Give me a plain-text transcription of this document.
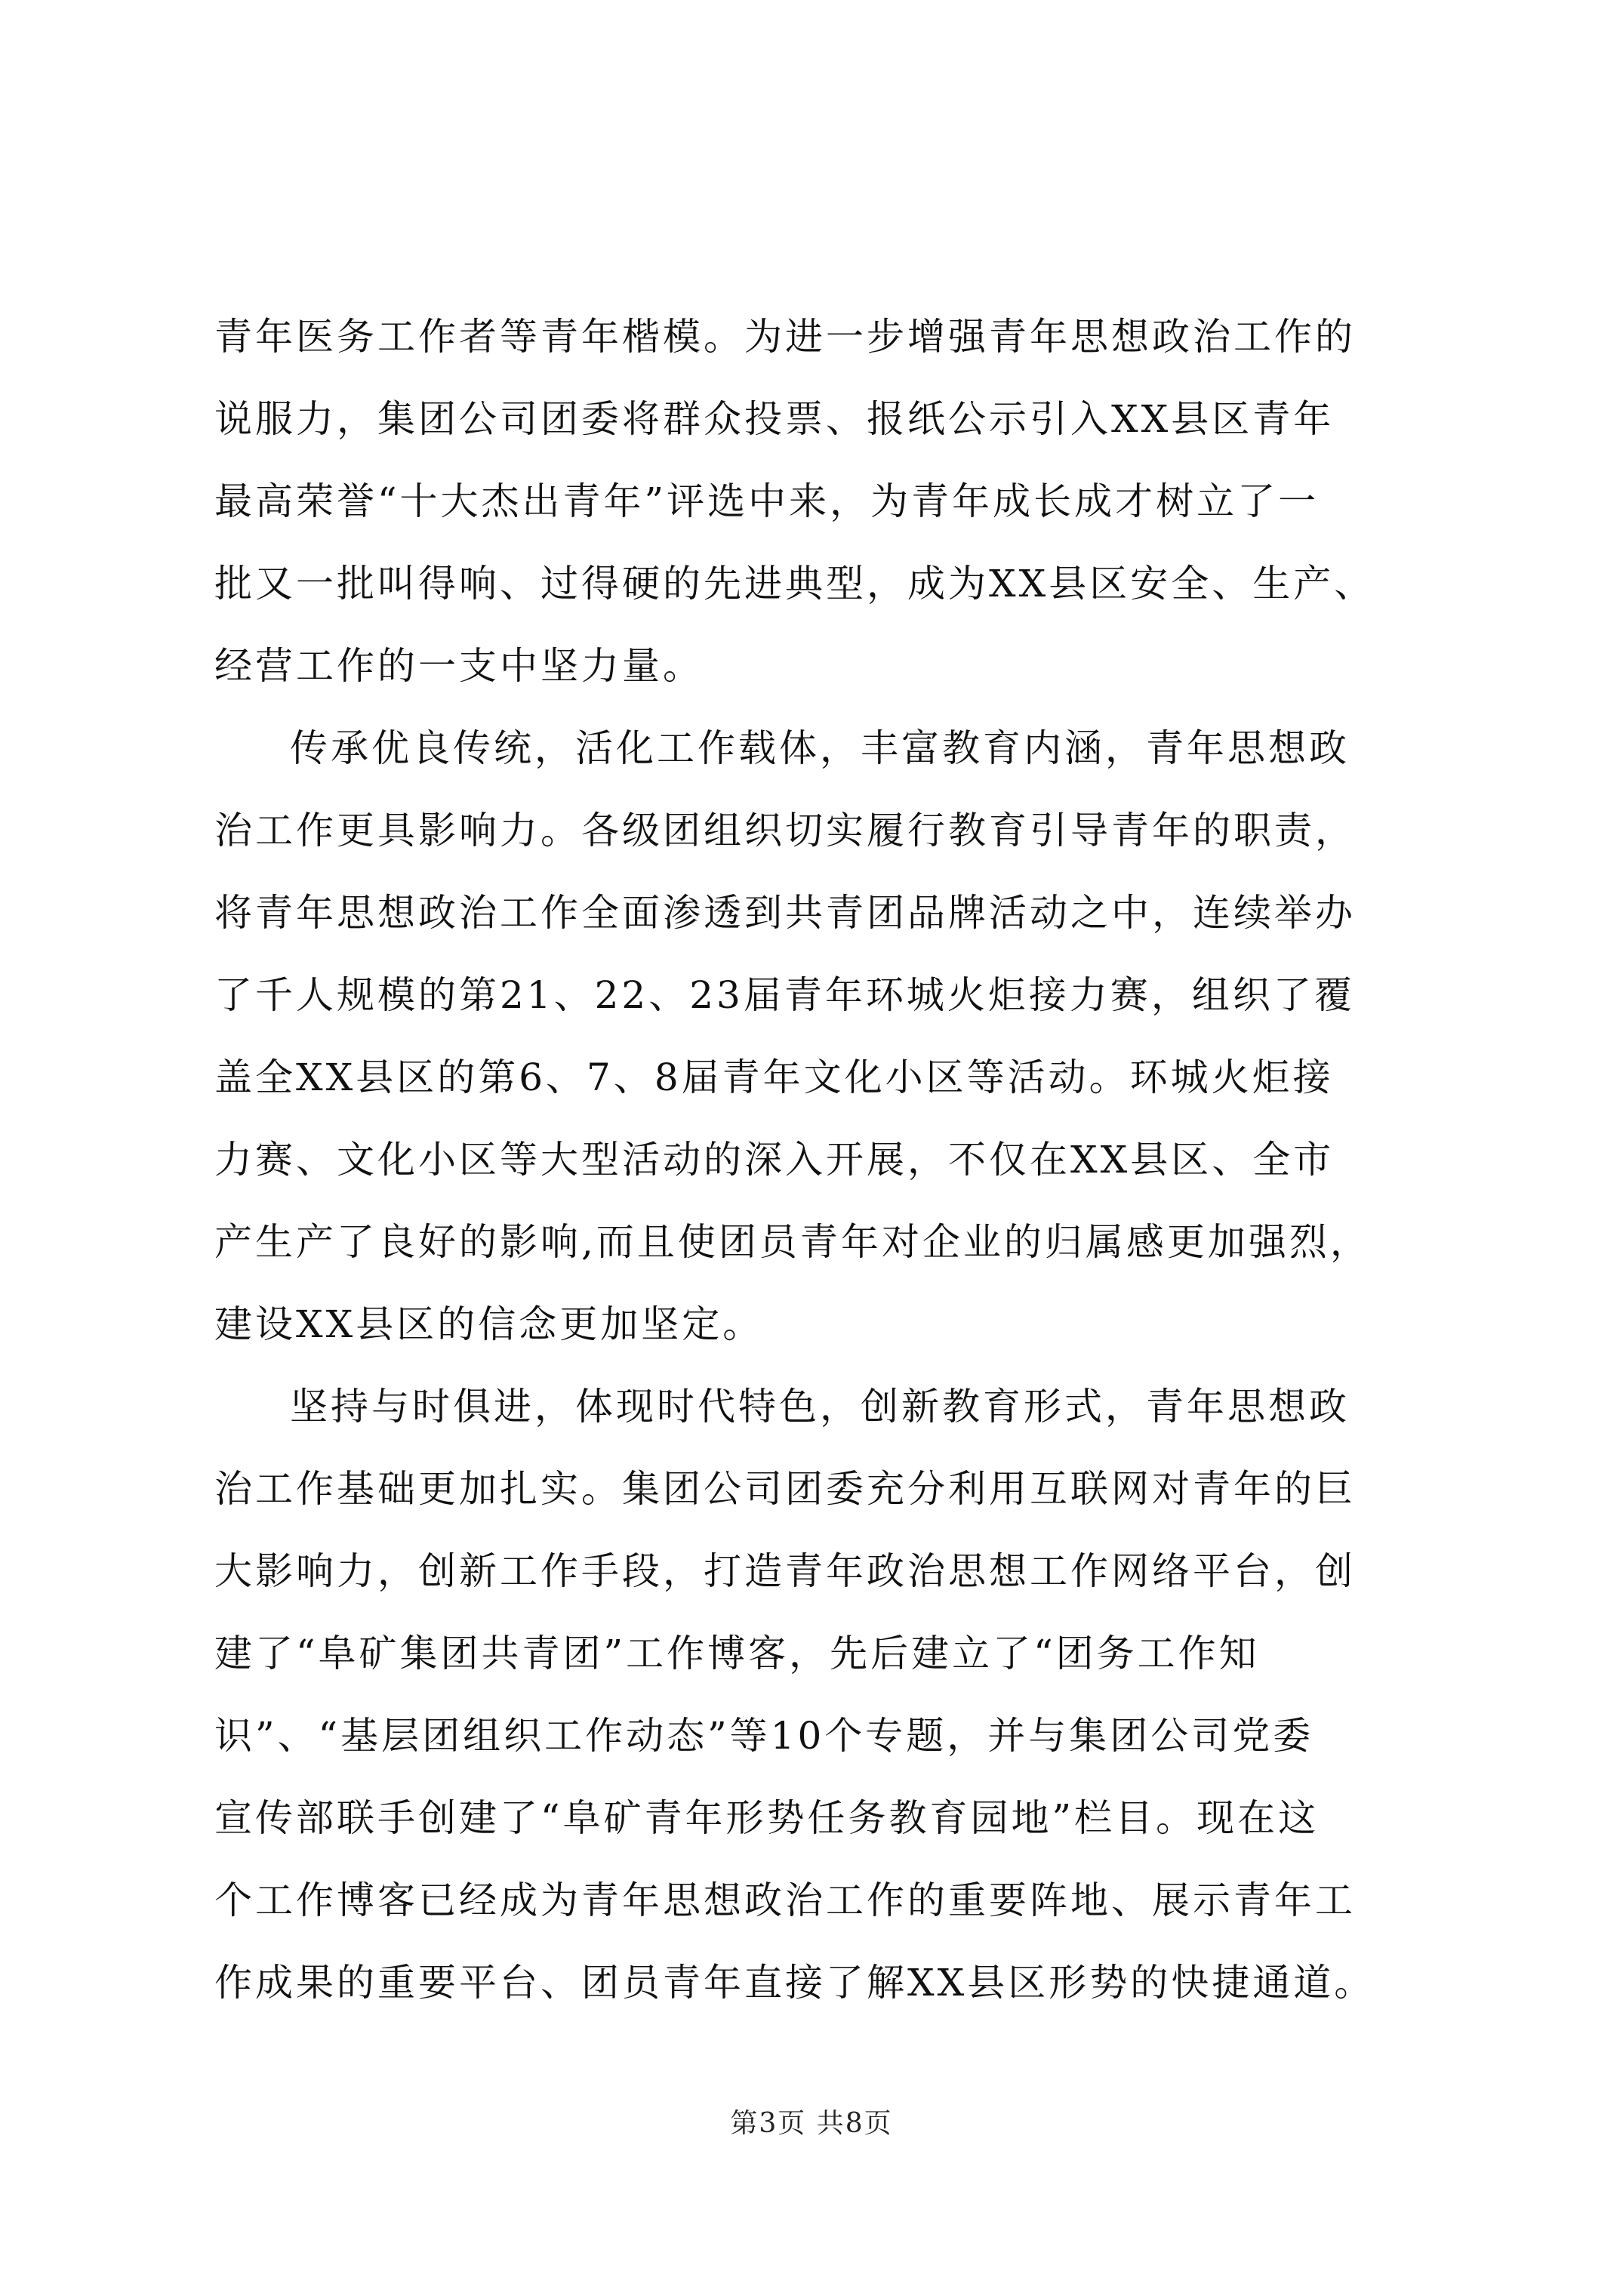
青年医务工作者等青年楷模。为进一步增强青年思想政治工作的
说服力，集团公司团委将群众投票、报纸公示引入XX县区青年
最高荣誉“十大杰出青年”评选中来，为青年成长成才树立了一
批又一批叫得响、过得硬的先进典型，成为XX县区安全、生产、
经营工作的一支中坚力量。
传承优良传统，活化工作载体，丰富教育内涵，青年思想政
治工作更具影响力。各级团组织切实履行教育引导青年的职责，
将青年思想政治工作全面渗透到共青团品牌活动之中，连续举办
了千人规模的第21、22、23届青年环城火炬接力赛，组织了覆
盖全XX县区的第6、7、8届青年文化小区等活动。环城火炬接
力赛、文化小区等大型活动的深入开展，不仅在XX县区、全市
产生产了良好的影响,而且使团员青年对企业的归属感更加强烈，
建设XX县区的信念更加坚定。
坚持与时俱进，体现时代特色，创新教育形式，青年思想政
治工作基础更加扎实。集团公司团委充分利用互联网对青年的巨
大影响力，创新工作手段，打造青年政治思想工作网络平台，创
建了“阜矿集团共青团”工作博客，先后建立了“团务工作知
识”、“基层团组织工作动态”等10个专题，并与集团公司党委
宣传部联手创建了“阜矿青年形势任务教育园地”栏目。现在这
个工作博客已经成为青年思想政治工作的重要阵地、展示青年工
作成果的重要平台、团员青年直接了解XX县区形势的快捷通道。
第3页 共8页
